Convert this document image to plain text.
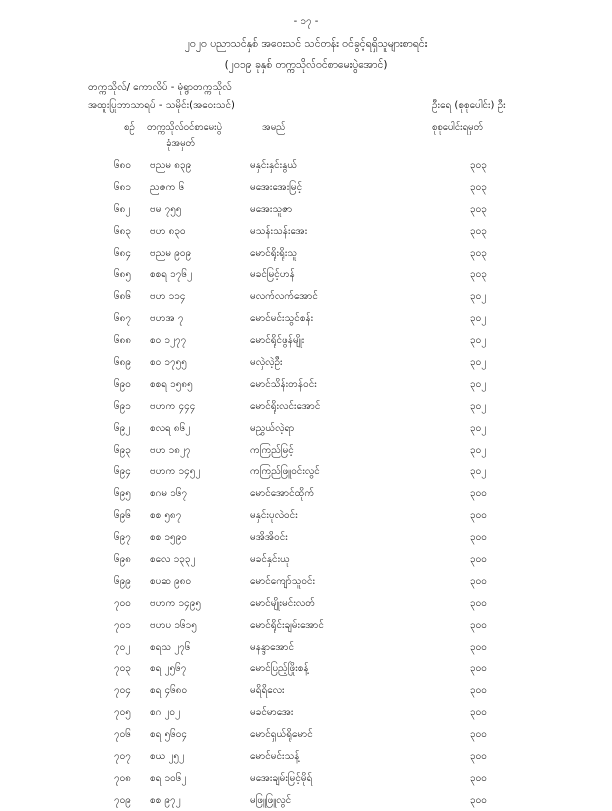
- ၁၇ -
၂၀၂၀ ပညာသင်နှစ် အဝေးသင် သင်တန်း ဝင်ခွင့်ရရှိသူများစာရင်း
(၂၀၁၉ ခုနှစ် တက္ကသိုလ်ဝင်စာမေးပွဲအောင်)
တက္ကသိုလ်/ ကောလိပ် - မုံရွာတက္ကသိုလ်
အထူးပြုဘာသာရပ် - သမိုင်း(အဝေးသင်)	ဦးရေ (စုစုပေါင်း) ဦး
စဉ် တက္ကသိုလ်ဝင်စာမေးပွဲ
ခုံအမှတ်
အမည်	စုစုပေါင်းရမှတ်
၆၈၀ ဗညမ ၈၃၉	မနှင်းနှင်းနွယ်	၃၀၃
၆၈၁ ညဇက ၆	မအေးအေးမြင့်	၃၀၃
၆၈၂ ဗမ ၇၅၅	မအေးသူဇာ	၃၀၃
၆၈၃ ဗဟ ၈၃၀	မသန်းသန်းအေး	၃၀၃
၆၈၄ ဗညမ ၉၀၉	မောင်ရိုးရိုးသူ	၃၀၃
၆၈၅ စစရ ၁၇၆၂	မခင်မြင့်ဟန်	၃၀၃
၆၈၆ ဗဟ ၁၁၄	မလက်လက်အောင်	၃၀၂
၆၈၇ ဗဟအ ၇	မောင်မင်းသွင်စန်း	၃၀၂
၆၈၈ စဝ ၁၂၇၇	မောင်ရိုင်ဖွန်မျိုး	၃၀၂
၆၈၉ စဝ ၁၇၅၅	မလှဲလဲ့ဦး	၃၀၂
၆၉၀ စစရ ၁၅၈၅	မောင်သိန်းတန်ဝင်း	၃၀၂
၆၉၁ ဗဟက ၄၄၄	မောင်ရိုးလင်းအောင်	၃၀၂
၆၉၂ စလရ ၈၆၂	မညွှယ်လဲ့ရာ	၃၀၂
၆၉၃ ဗဟ ၁၈၂၇	ကကြည်မြင့်	၃၀၂
၆၉၄ ဗဟက ၁၄၅၂	ကကြည်ဖြူဝင်းလွင်	၃၀၂
၆၉၅ စဂမ ၁၆၇	မောင်အောင်ထိုက်	၃၀၀
၆၉၆ စစ ၅၈၇	မနှင်းပုလဲဝင်း	၃၀၀
၆၉၇ စစ ၁၅၉၀	မအိအိဝင်း	၃၀၀
၆၉၈ စလေ ၁၃၃၂	မခင်နှင်းယု	၃၀၀
၆၉၉ စပဆ ၉၈၀	မောင်ကျော်သူဝင်း	၃၀၀
၇၀၀ ဗဟက ၁၄၉၅	မောင်မျိုးမင်းလတ်	၃၀၀
၇၀၁ ဗဟပ ၁၆၁၅	မောင်ရိုင်းချမ်းအောင်	၃၀၀
၇၀၂ စရသ ၂၇၆	မနန္ဒာအောင်	၃၀၀
၇၀၃ စရ ၂၅၆၇	မောင်ပြည့်ဖြိုးစန့်	၃၀၀
၇၀၄ စရ ၄၆၈၀	မရိရိလေး	၃၀၀
၇၀၅ စဂ ၂၀၂	မခင်မာအေး	၃၀၀
၇၀၆ စရ ၅၆၀၄	မောင်ရှယ်ရိုမောင်	၃၀၀
၇၀၇ စယ ၂၅၂	မောင်မင်းသန့်	၃၀၀
၇၀၈ စရ ၁၀၆၂	မအေးချမ်းမြင့်မိုရ်	၃၀၀
၇၀၉ စစ ၉၇၂	မဖြူဖြူလွင်	၃၀၀
